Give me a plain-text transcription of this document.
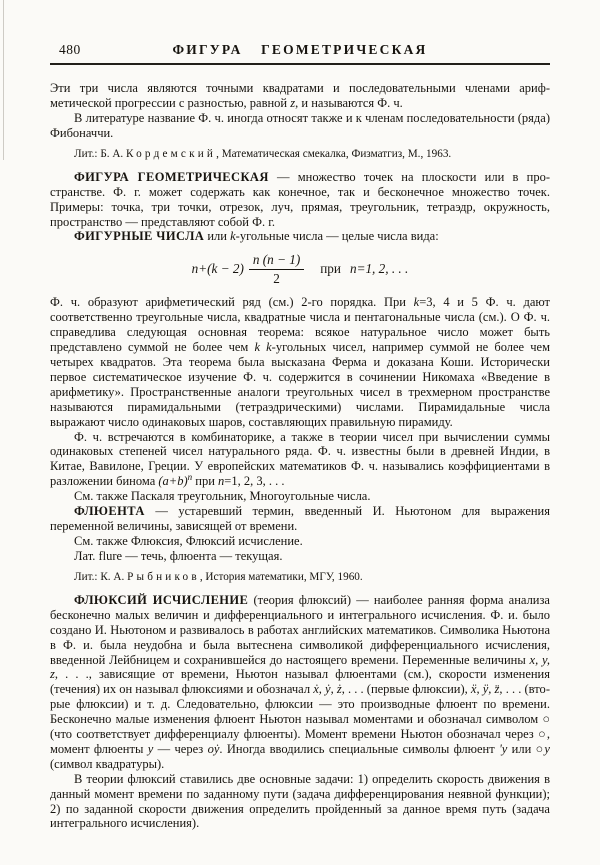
480	ФИГУРА ГЕОМЕТРИЧЕСКАЯ

Эти три числа являются точными квадратами и последовательными членами арифметической прогрессии с разностью, равной z, и называются Ф. ч.

В литературе название Ф. ч. иногда относят также и к членам последовательности (ряда) Фибоначчи.

Лит.: Б. А. Кордемский, Математическая смекалка, Физматгиз, М., 1963.

ФИГУРА ГЕОМЕТРИЧЕСКАЯ — множество точек на плоскости или в пространстве. Ф. г. может содержать как конечное, так и бесконечное множество точек. Примеры: точка, три точки, отрезок, луч, прямая, треугольник, тетраэдр, окружность, пространство — представляют собой Ф. г.

ФИГУРНЫЕ ЧИСЛА или k-угольные числа — целые числа вида:

$n+(k - 2) \frac{n (n - 1)}{2}$ при n=1, 2, . . .

Ф. ч. образуют арифметический ряд (см.) 2-го порядка. При k=3, 4 и 5 Ф. ч. дают соответственно треугольные числа, квадратные числа и пентагональные числа (см.). О Ф. ч. справедлива следующая основная теорема: всякое натуральное число может быть представлено суммой не более чем k k-угольных чисел, например суммой не более чем четырех квадратов. Эта теорема была высказана Ферма и доказана Коши. Исторически первое систематическое изучение Ф. ч. содержится в сочинении Никомаха «Введение в арифметику». Пространственные аналоги треугольных чисел в трехмерном пространстве называются пирамидальными (тетраэдрическими) числами. Пирамидальные числа выражают число одинаковых шаров, составляющих правильную пирамиду.

Ф. ч. встречаются в комбинаторике, а также в теории чисел при вычислении суммы одинаковых степеней чисел натурального ряда. Ф. ч. известны были в древней Индии, в Китае, Вавилоне, Греции. У европейских математиков Ф. ч. назывались коэффициентами в разложении бинома $(a+b)^n$ при n=1, 2, 3, . . .

См. также Паскаля треугольник, Многоугольные числа.

ФЛЮЕНТА — устаревший термин, введенный И. Ньютоном для выражения переменной величины, зависящей от времени.

См. также Флюксия, Флюксий исчисление.

Лат. flure — течь, флюента — текущая.

Лит.: К. А. Рыбников, История математики, МГУ, 1960.

ФЛЮКСИЙ ИСЧИСЛЕНИЕ (теория флюксий) — наиболее ранняя форма анализа бесконечно малых величин и дифференциального и интегрального исчисления. Ф. и. было создано И. Ньютоном и развивалось в работах английских математиков. Символика Ньютона в Ф. и. была неудобна и была вытеснена символикой дифференциального исчисления, введенной Лейбницем и сохранившейся до настоящего времени. Переменные величины x, y, z, . . ., зависящие от времени, Ньютон называл флюентами (см.), скорости изменения (течения) их он называл флюксиями и обозначал ẋ, ẏ, ż, . . . (первые флюксии), ẍ, ÿ, z̈, . . . (вторые флюксии) и т. д. Следовательно, флюксии — это производные флюент по времени. Бесконечно малые изменения флюент Ньютон называл моментами и обозначал символом ○ (что соответствует дифференциалу флюенты). Момент времени Ньютон обозначал через ○, момент флюенты y — через oẏ. Иногда вводились специальные символы флюент 'y или ○y (символ квадратуры).

В теории флюксий ставились две основные задачи: 1) определить скорость движения в данный момент времени по заданному пути (задача дифференцирования неявной функции); 2) по заданной скорости движения определить пройденный за данное время путь (задача интегрального исчисления).
